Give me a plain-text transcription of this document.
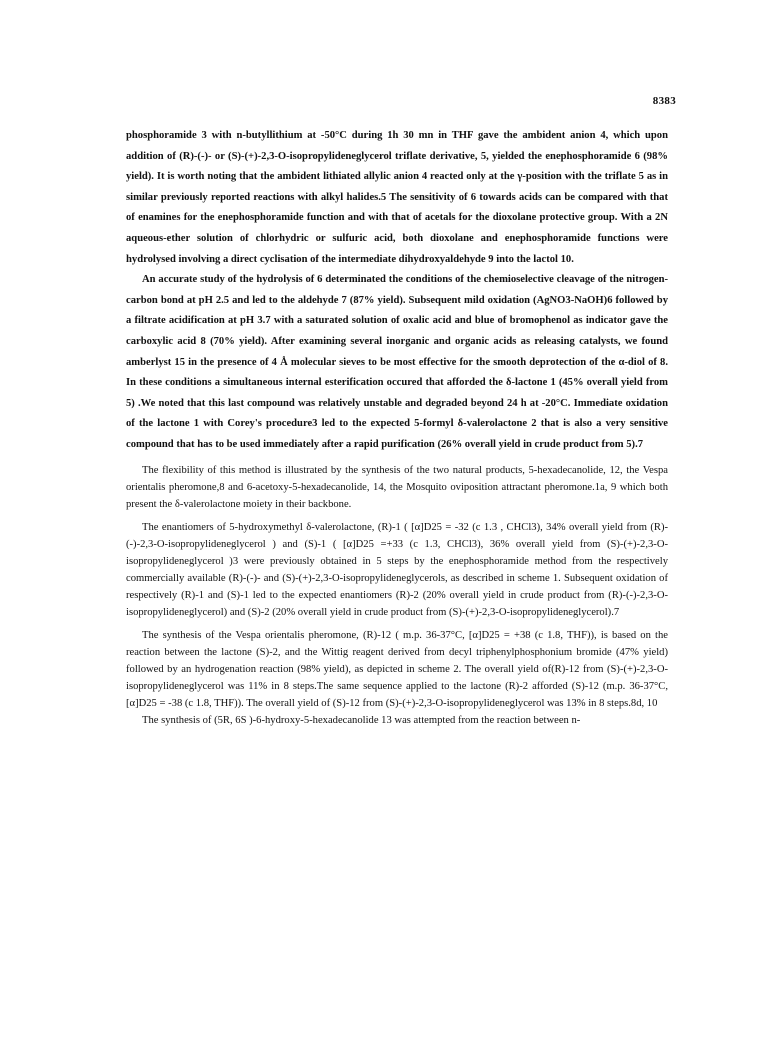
8383

phosphoramide 3 with n-butyllithium at -50°C during 1h 30 mn in THF gave the ambident anion 4, which upon addition of (R)-(-)- or (S)-(+)-2,3-O-isopropylideneglycerol triflate derivative, 5, yielded the enephosphoramide 6 (98% yield). It is worth noting that the ambident lithiated allylic anion 4 reacted only at the γ-position with the triflate 5 as in similar previously reported reactions with alkyl halides.5 The sensitivity of 6 towards acids can be compared with that of enamines for the enephosphoramide function and with that of acetals for the dioxolane protective group. With a 2N aqueous-ether solution of chlorhydric or sulfuric acid, both dioxolane and enephosphoramide functions were hydrolysed involving a direct cyclisation of the intermediate dihydroxyaldehyde 9 into the lactol 10.

An accurate study of the hydrolysis of 6 determinated the conditions of the chemioselective cleavage of the nitrogen-carbon bond at pH 2.5 and led to the aldehyde 7 (87% yield). Subsequent mild oxidation (AgNO3-NaOH)6 followed by a filtrate acidification at pH 3.7 with a saturated solution of oxalic acid and blue of bromophenol as indicator gave the carboxylic acid 8 (70% yield). After examining several inorganic and organic acids as releasing catalysts, we found amberlyst 15 in the presence of 4 Å molecular sieves to be most effective for the smooth deprotection of the α-diol of 8. In these conditions a simultaneous internal esterification occured that afforded the δ-lactone 1 (45% overall yield from 5) .We noted that this last compound was relatively unstable and degraded beyond 24 h at -20°C. Immediate oxidation of the lactone 1 with Corey's procedure3 led to the expected 5-formyl δ-valerolactone 2 that is also a very sensitive compound that has to be used immediately after a rapid purification (26% overall yield in crude product from 5).7

The flexibility of this method is illustrated by the synthesis of the two natural products, 5-hexadecanolide, 12, the Vespa orientalis pheromone,8 and 6-acetoxy-5-hexadecanolide, 14, the Mosquito oviposition attractant pheromone.1a, 9 which both present the δ-valerolactone moiety in their backbone.

The enantiomers of 5-hydroxymethyl δ-valerolactone, (R)-1 ( [α]D25 = -32 (c 1.3 , CHCl3), 34% overall yield from (R)-(-)-2,3-O-isopropylideneglycerol ) and (S)-1 ( [α]D25 =+33 (c 1.3, CHCl3), 36% overall yield from (S)-(+)-2,3-O-isopropylideneglycerol )3 were previously obtained in 5 steps by the enephosphoramide method from the respectively commercially available (R)-(-)- and (S)-(+)-2,3-O-isopropylideneglycerols, as described in scheme 1. Subsequent oxidation of respectively (R)-1 and (S)-1 led to the expected enantiomers (R)-2 (20% overall yield in crude product from (R)-(-)-2,3-O-isopropylideneglycerol) and (S)-2 (20% overall yield in crude product from (S)-(+)-2,3-O-isopropylideneglycerol).7

The synthesis of the Vespa orientalis pheromone, (R)-12 ( m.p. 36-37°C, [α]D25 = +38 (c 1.8, THF)), is based on the reaction between the lactone (S)-2, and the Wittig reagent derived from decyl triphenylphosphonium bromide (47% yield) followed by an hydrogenation reaction (98% yield), as depicted in scheme 2. The overall yield of(R)-12 from (S)-(+)-2,3-O-isopropylideneglycerol was 11% in 8 steps.The same sequence applied to the lactone (R)-2 afforded (S)-12 (m.p. 36-37°C, [α]D25 = -38 (c 1.8, THF)). The overall yield of (S)-12 from (S)-(+)-2,3-O-isopropylideneglycerol was 13% in 8 steps.8d, 10

The synthesis of (5R, 6S )-6-hydroxy-5-hexadecanolide 13 was attempted from the reaction between n-
